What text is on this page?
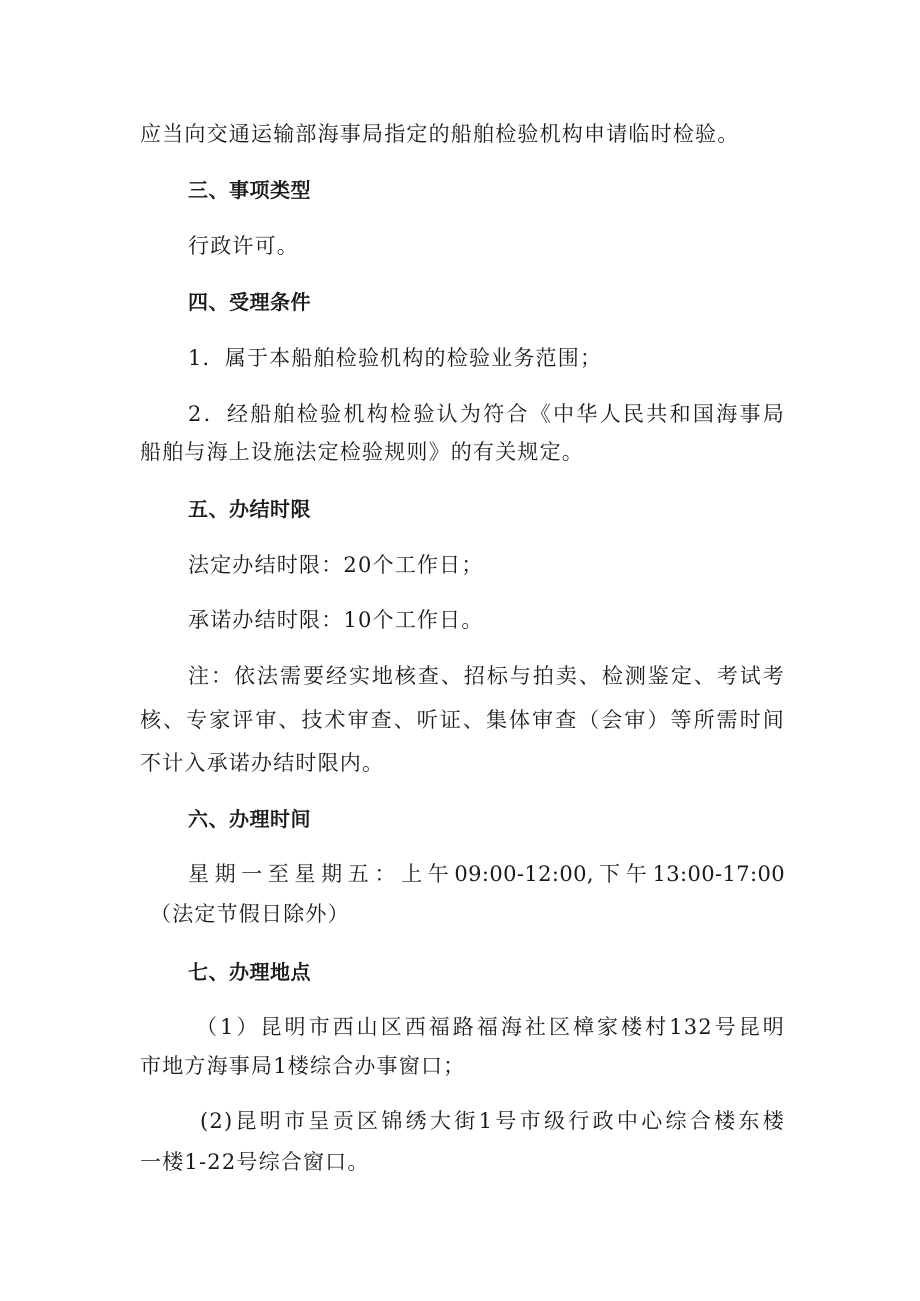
应当向交通运输部海事局指定的船舶检验机构申请临时检验。
三、事项类型
行政许可。
四、受理条件
1．属于本船舶检验机构的检验业务范围；
2．经船舶检验机构检验认为符合《中华人民共和国海事局
船舶与海上设施法定检验规则》的有关规定。
五、办结时限
法定办结时限：20个工作日；
承诺办结时限：10个工作日。
注：依法需要经实地核查、招标与拍卖、检测鉴定、考试考
核、专家评审、技术审查、听证、集体审查（会审）等所需时间
不计入承诺办结时限内。
六、办理时间
星期一至星期五：上午09:00-12:00,下午13:00-17:00
（法定节假日除外）
七、办理地点
（1）昆明市西山区西福路福海社区樟家楼村132号昆明
市地方海事局1楼综合办事窗口；
(2)昆明市呈贡区锦绣大街1号市级行政中心综合楼东楼
一楼1-22号综合窗口。
